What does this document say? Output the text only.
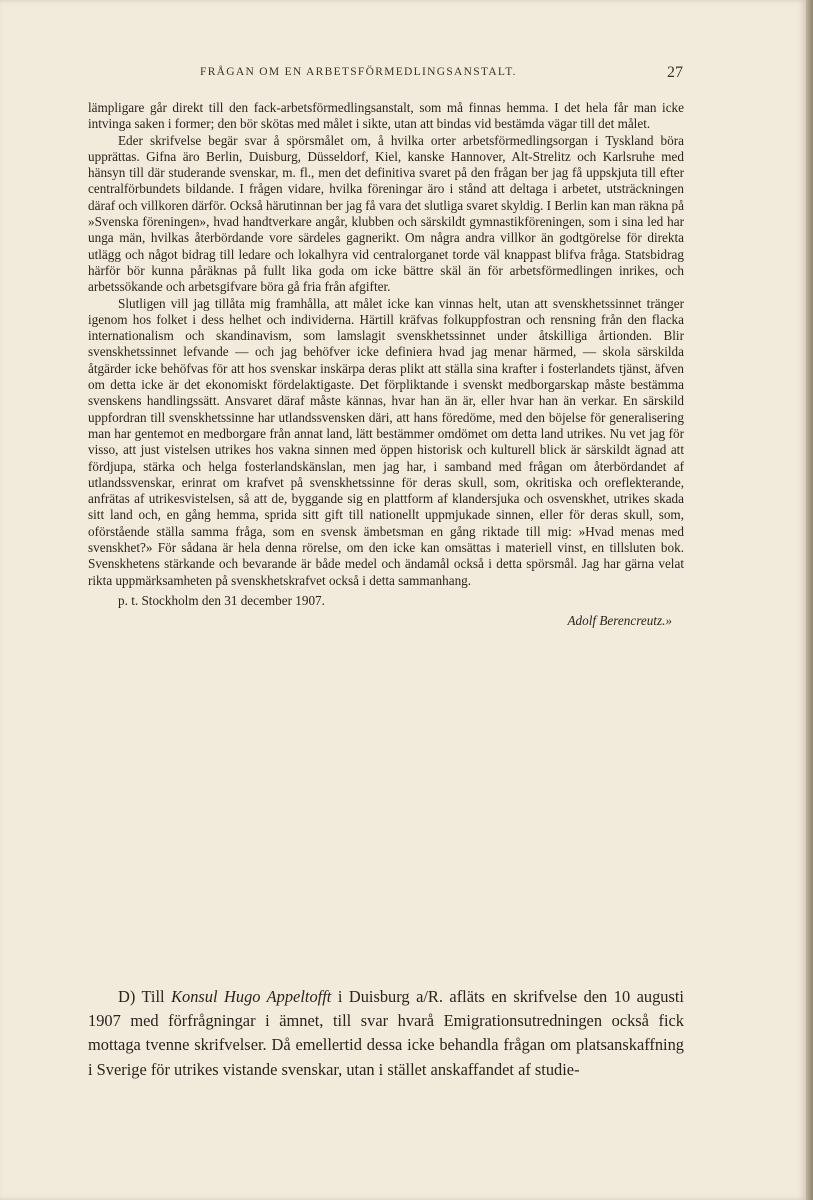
FRÅGAN OM EN ARBETSFÖRMEDLINGSANSTALT.	27

lämpligare går direkt till den fack-arbetsförmedlingsanstalt, som må finnas hemma. I det hela får man icke intvinga saken i former; den bör skötas med målet i sikte, utan att bindas vid bestämda vägar till det målet.

Eder skrifvelse begär svar å spörsmålet om, å hvilka orter arbetsförmedlingsorgan i Tyskland böra upprättas. Gifna äro Berlin, Duisburg, Düsseldorf, Kiel, kanske Hannover, Alt-Strelitz och Karlsruhe med hänsyn till där studerande svenskar, m. fl., men det definitiva svaret på den frågan ber jag få uppskjuta till efter centralförbundets bildande. I frågen vidare, hvilka föreningar äro i stånd att deltaga i arbetet, utsträckningen däraf och villkoren därför. Också härutinnan ber jag få vara det slutliga svaret skyldig. I Berlin kan man räkna på »Svenska föreningen», hvad handtverkare angår, klubben och särskildt gymnastikföreningen, som i sina led har unga män, hvilkas återbördande vore särdeles gagnerikt. Om några andra villkor än godtgörelse för direkta utlägg och något bidrag till ledare och lokalhyra vid centralorganet torde väl knappast blifva fråga. Statsbidrag härför bör kunna påräknas på fullt lika goda om icke bättre skäl än för arbetsförmedlingen inrikes, och arbetssökande och arbetsgifvare böra gå fria från afgifter.

Slutligen vill jag tillåta mig framhålla, att målet icke kan vinnas helt, utan att svenskhetssinnet tränger igenom hos folket i dess helhet och individerna. Härtill kräfvas folkuppfostran och rensning från den flacka internationalism och skandinavism, som lamslagit svenskhetssinnet under åtskilliga årtionden. Blir svenskhetssinnet lefvande — och jag behöfver icke definiera hvad jag menar härmed, — skola särskilda åtgärder icke behöfvas för att hos svenskar inskärpa deras plikt att ställa sina krafter i fosterlandets tjänst, äfven om detta icke är det ekonomiskt fördelaktigaste. Det förpliktande i svenskt medborgarskap måste bestämma svenskens handlingssätt. Ansvaret däraf måste kännas, hvar han än är, eller hvar han än verkar. En särskild uppfordran till svenskhetssinne har utlandssvensken däri, att hans föredöme, med den böjelse för generalisering man har gentemot en medborgare från annat land, lätt bestämmer omdömet om detta land utrikes. Nu vet jag för visso, att just vistelsen utrikes hos vakna sinnen med öppen historisk och kulturell blick är särskildt ägnad att fördjupa, stärka och helga fosterlandskänslan, men jag har, i samband med frågan om återbördandet af utlandssvenskar, erinrat om krafvet på svenskhetssinne för deras skull, som, okritiska och oreflekterande, anfrätas af utrikesvistelsen, så att de, byggande sig en plattform af klandersjuka och osvenskhet, utrikes skada sitt land och, en gång hemma, sprida sitt gift till nationellt uppmjukade sinnen, eller för deras skull, som, oförstående ställa samma fråga, som en svensk ämbetsman en gång riktade till mig: »Hvad menas med svenskhet?» För sådana är hela denna rörelse, om den icke kan omsättas i materiell vinst, en tillsluten bok. Svenskhetens stärkande och bevarande är både medel och ändamål också i detta spörsmål. Jag har gärna velat rikta uppmärksamheten på svenskhetskrafvet också i detta sammanhang.

p. t. Stockholm den 31 december 1907.
Adolf Berencreutz.»

D) Till Konsul Hugo Appeltofft i Duisburg a/R. afläts en skrifvelse den 10 augusti 1907 med förfrågningar i ämnet, till svar hvarå Emigrationsutredningen också fick mottaga tvenne skrifvelser. Då emellertid dessa icke behandla frågan om platsanskaffning i Sverige för utrikes vistande svenskar, utan i stället anskaffandet af studie-
